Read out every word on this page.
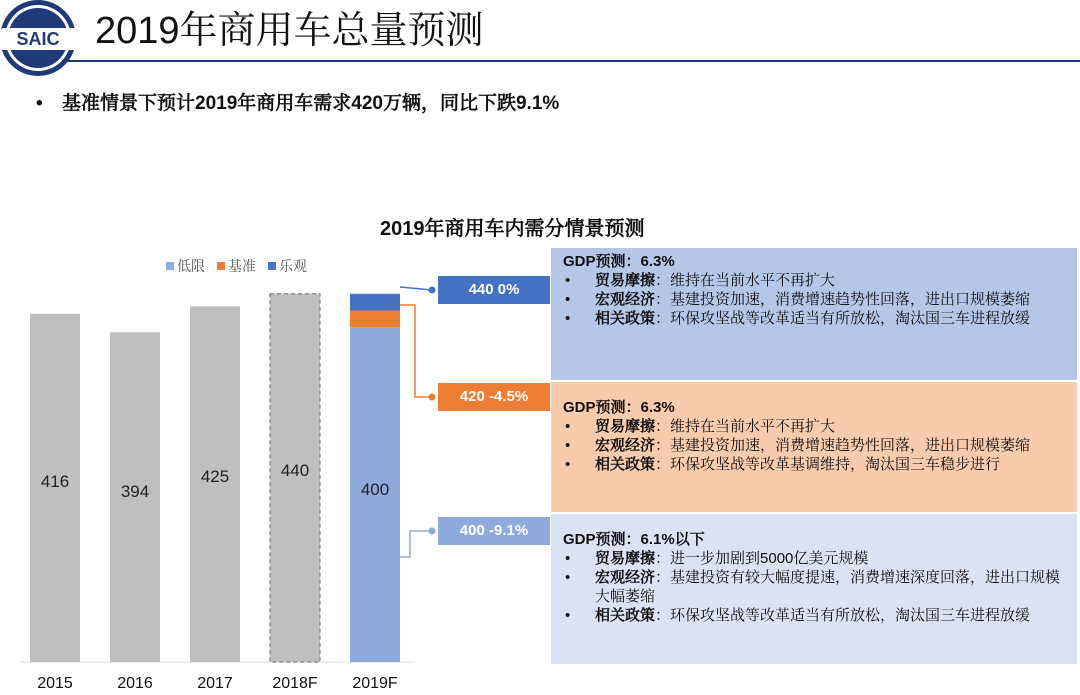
SAIC 2019年商用车总量预测
• 基准情景下预计2019年商用车需求420万辆，同比下跌9.1%
2019年商用车内需分情景预测
416
2015
394
2016
425
2017
440
2018F
400
2019F
低限 基准 乐观
440 0%
420 -4.5%
400 -9.1%
GDP预测：6.3%
• 贸易摩擦：维持在当前水平不再扩大
• 宏观经济：基建投资加速，消费增速趋势性回落，进出口规模萎缩
• 相关政策：环保攻坚战等改革适当有所放松，淘汰国三车进程放缓
GDP预测：6.3%
• 贸易摩擦：维持在当前水平不再扩大
• 宏观经济：基建投资加速，消费增速趋势性回落，进出口规模萎缩
• 相关政策：环保攻坚战等改革基调维持，淘汰国三车稳步进行
GDP预测：6.1%以下
• 贸易摩擦：进一步加剧到5000亿美元规模
• 宏观经济：基建投资有较大幅度提速，消费增速深度回落，进出口规模大幅萎缩
• 相关政策：环保攻坚战等改革适当有所放松，淘汰国三车进程放缓
